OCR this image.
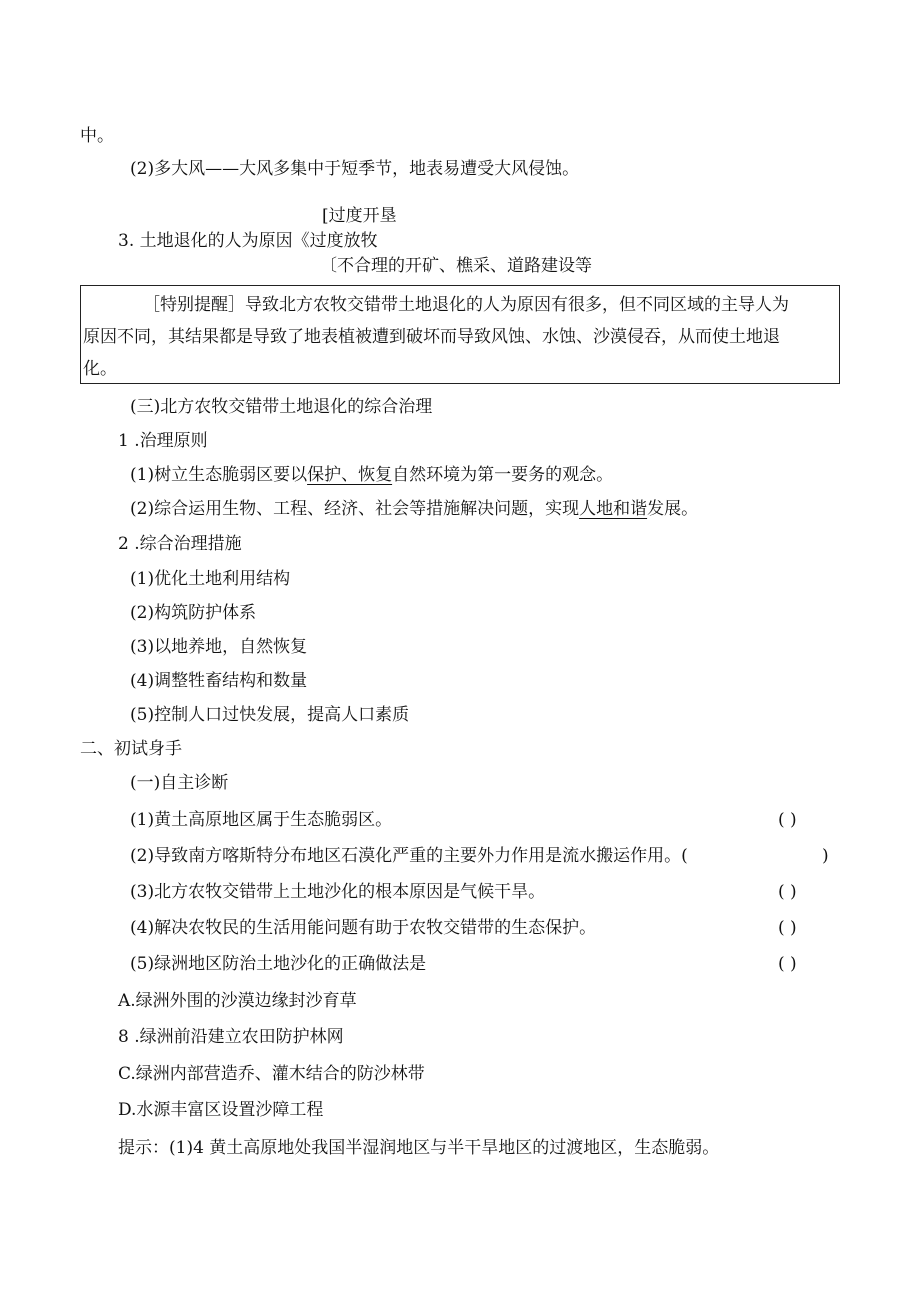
中。
(2)多大风——大风多集中于短季节，地表易遭受大风侵蚀。
[过度开垦
3. 土地退化的人为原因《过度放牧
〔不合理的开矿、樵采、道路建设等
［特别提醒］导致北方农牧交错带土地退化的人为原因有很多，但不同区域的主导人为
原因不同，其结果都是导致了地表植被遭到破坏而导致风蚀、水蚀、沙漠侵吞，从而使土地退
化。
(三)北方农牧交错带土地退化的综合治理
1 .治理原则
(1)树立生态脆弱区要以保护、恢复自然环境为第一要务的观念。
(2)综合运用生物、工程、经济、社会等措施解决问题，实现人地和谐发展。
2 .综合治理措施
(1)优化土地利用结构
(2)构筑防护体系
(3)以地养地，自然恢复
(4)调整牲畜结构和数量
(5)控制人口过快发展，提高人口素质
二、初试身手
(一)自主诊断
(1)黄土高原地区属于生态脆弱区。	( )
(2)导致南方喀斯特分布地区石漠化严重的主要外力作用是流水搬运作用。(	)
(3)北方农牧交错带上土地沙化的根本原因是气候干旱。	( )
(4)解决农牧民的生活用能问题有助于农牧交错带的生态保护。	( )
(5)绿洲地区防治土地沙化的正确做法是	( )
A.绿洲外围的沙漠边缘封沙育草
8 .绿洲前沿建立农田防护林网
C.绿洲内部营造乔、灌木结合的防沙林带
D.水源丰富区设置沙障工程
提示：(1)4 黄土高原地处我国半湿润地区与半干旱地区的过渡地区，生态脆弱。
